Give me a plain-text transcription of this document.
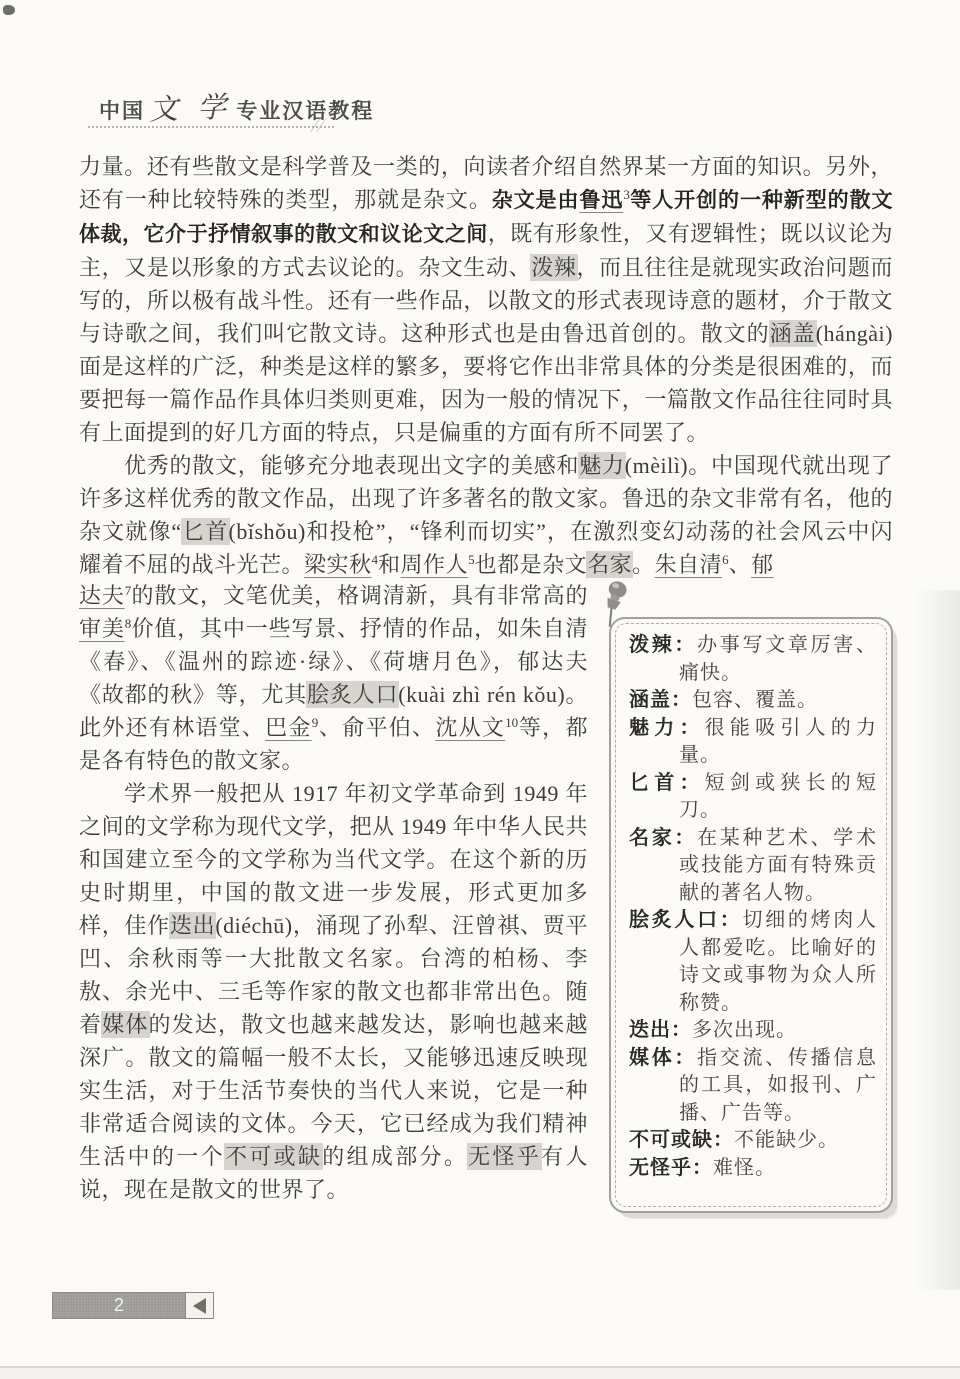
中国 文 学 专业汉语教程

力量。还有些散文是科学普及一类的，向读者介绍自然界某一方面的知识。另外，还有一种比较特殊的类型，那就是杂文。杂文是由鲁迅$^3$等人开创的一种新型的散文体裁，它介于抒情叙事的散文和议论文之间，既有形象性，又有逻辑性；既以议论为主，又是以形象的方式去议论的。杂文生动、泼辣，而且往往是就现实政治问题而写的，所以极有战斗性。还有一些作品，以散文的形式表现诗意的题材，介于散文与诗歌之间，我们叫它散文诗。这种形式也是由鲁迅首创的。散文的涵盖(hángài)面是这样的广泛，种类是这样的繁多，要将它作出非常具体的分类是很困难的，而要把每一篇作品作具体归类则更难，因为一般的情况下，一篇散文作品往往同时具有上面提到的好几方面的特点，只是偏重的方面有所不同罢了。

优秀的散文，能够充分地表现出文字的美感和魅力(mèilì)。中国现代就出现了许多这样优秀的散文作品，出现了许多著名的散文家。鲁迅的杂文非常有名，他的杂文就像“匕首(bǐshǒu)和投枪”，“锋利而切实”，在激烈变幻动荡的社会风云中闪耀着不屈的战斗光芒。梁实秋$^4$和周作人$^5$也都是杂文名家。朱自清$^6$、郁

达夫$^7$的散文，文笔优美，格调清新，具有非常高的审美$^8$价值，其中一些写景、抒情的作品，如朱自清《春》、《温州的踪迹·绿》、《荷塘月色》，郁达夫《故都的秋》等，尤其脍炙人口(kuài zhì rén kǒu)。此外还有林语堂、巴金$^9$、俞平伯、沈从文$^{10}$等，都是各有特色的散文家。

学术界一般把从 1917 年初文学革命到 1949 年之间的文学称为现代文学，把从 1949 年中华人民共和国建立至今的文学称为当代文学。在这个新的历史时期里，中国的散文进一步发展，形式更加多样，佳作迭出(diéchū)，涌现了孙犁、汪曾祺、贾平凹、余秋雨等一大批散文名家。台湾的柏杨、李敖、余光中、三毛等作家的散文也都非常出色。随着媒体的发达，散文也越来越发达，影响也越来越深广。散文的篇幅一般不太长，又能够迅速反映现实生活，对于生活节奏快的当代人来说，它是一种非常适合阅读的文体。今天，它已经成为我们精神生活中的一个不可或缺的组成部分。无怪乎有人说，现在是散文的世界了。

泼辣：办事写文章厉害、痛快。
涵盖：包容、覆盖。
魅力：很能吸引人的力量。
匕首：短剑或狭长的短刀。
名家：在某种艺术、学术或技能方面有特殊贡献的著名人物。
脍炙人口：切细的烤肉人人都爱吃。比喻好的诗文或事物为众人所称赞。
迭出：多次出现。
媒体：指交流、传播信息的工具，如报刊、广播、广告等。
不可或缺：不能缺少。
无怪乎：难怪。
2
